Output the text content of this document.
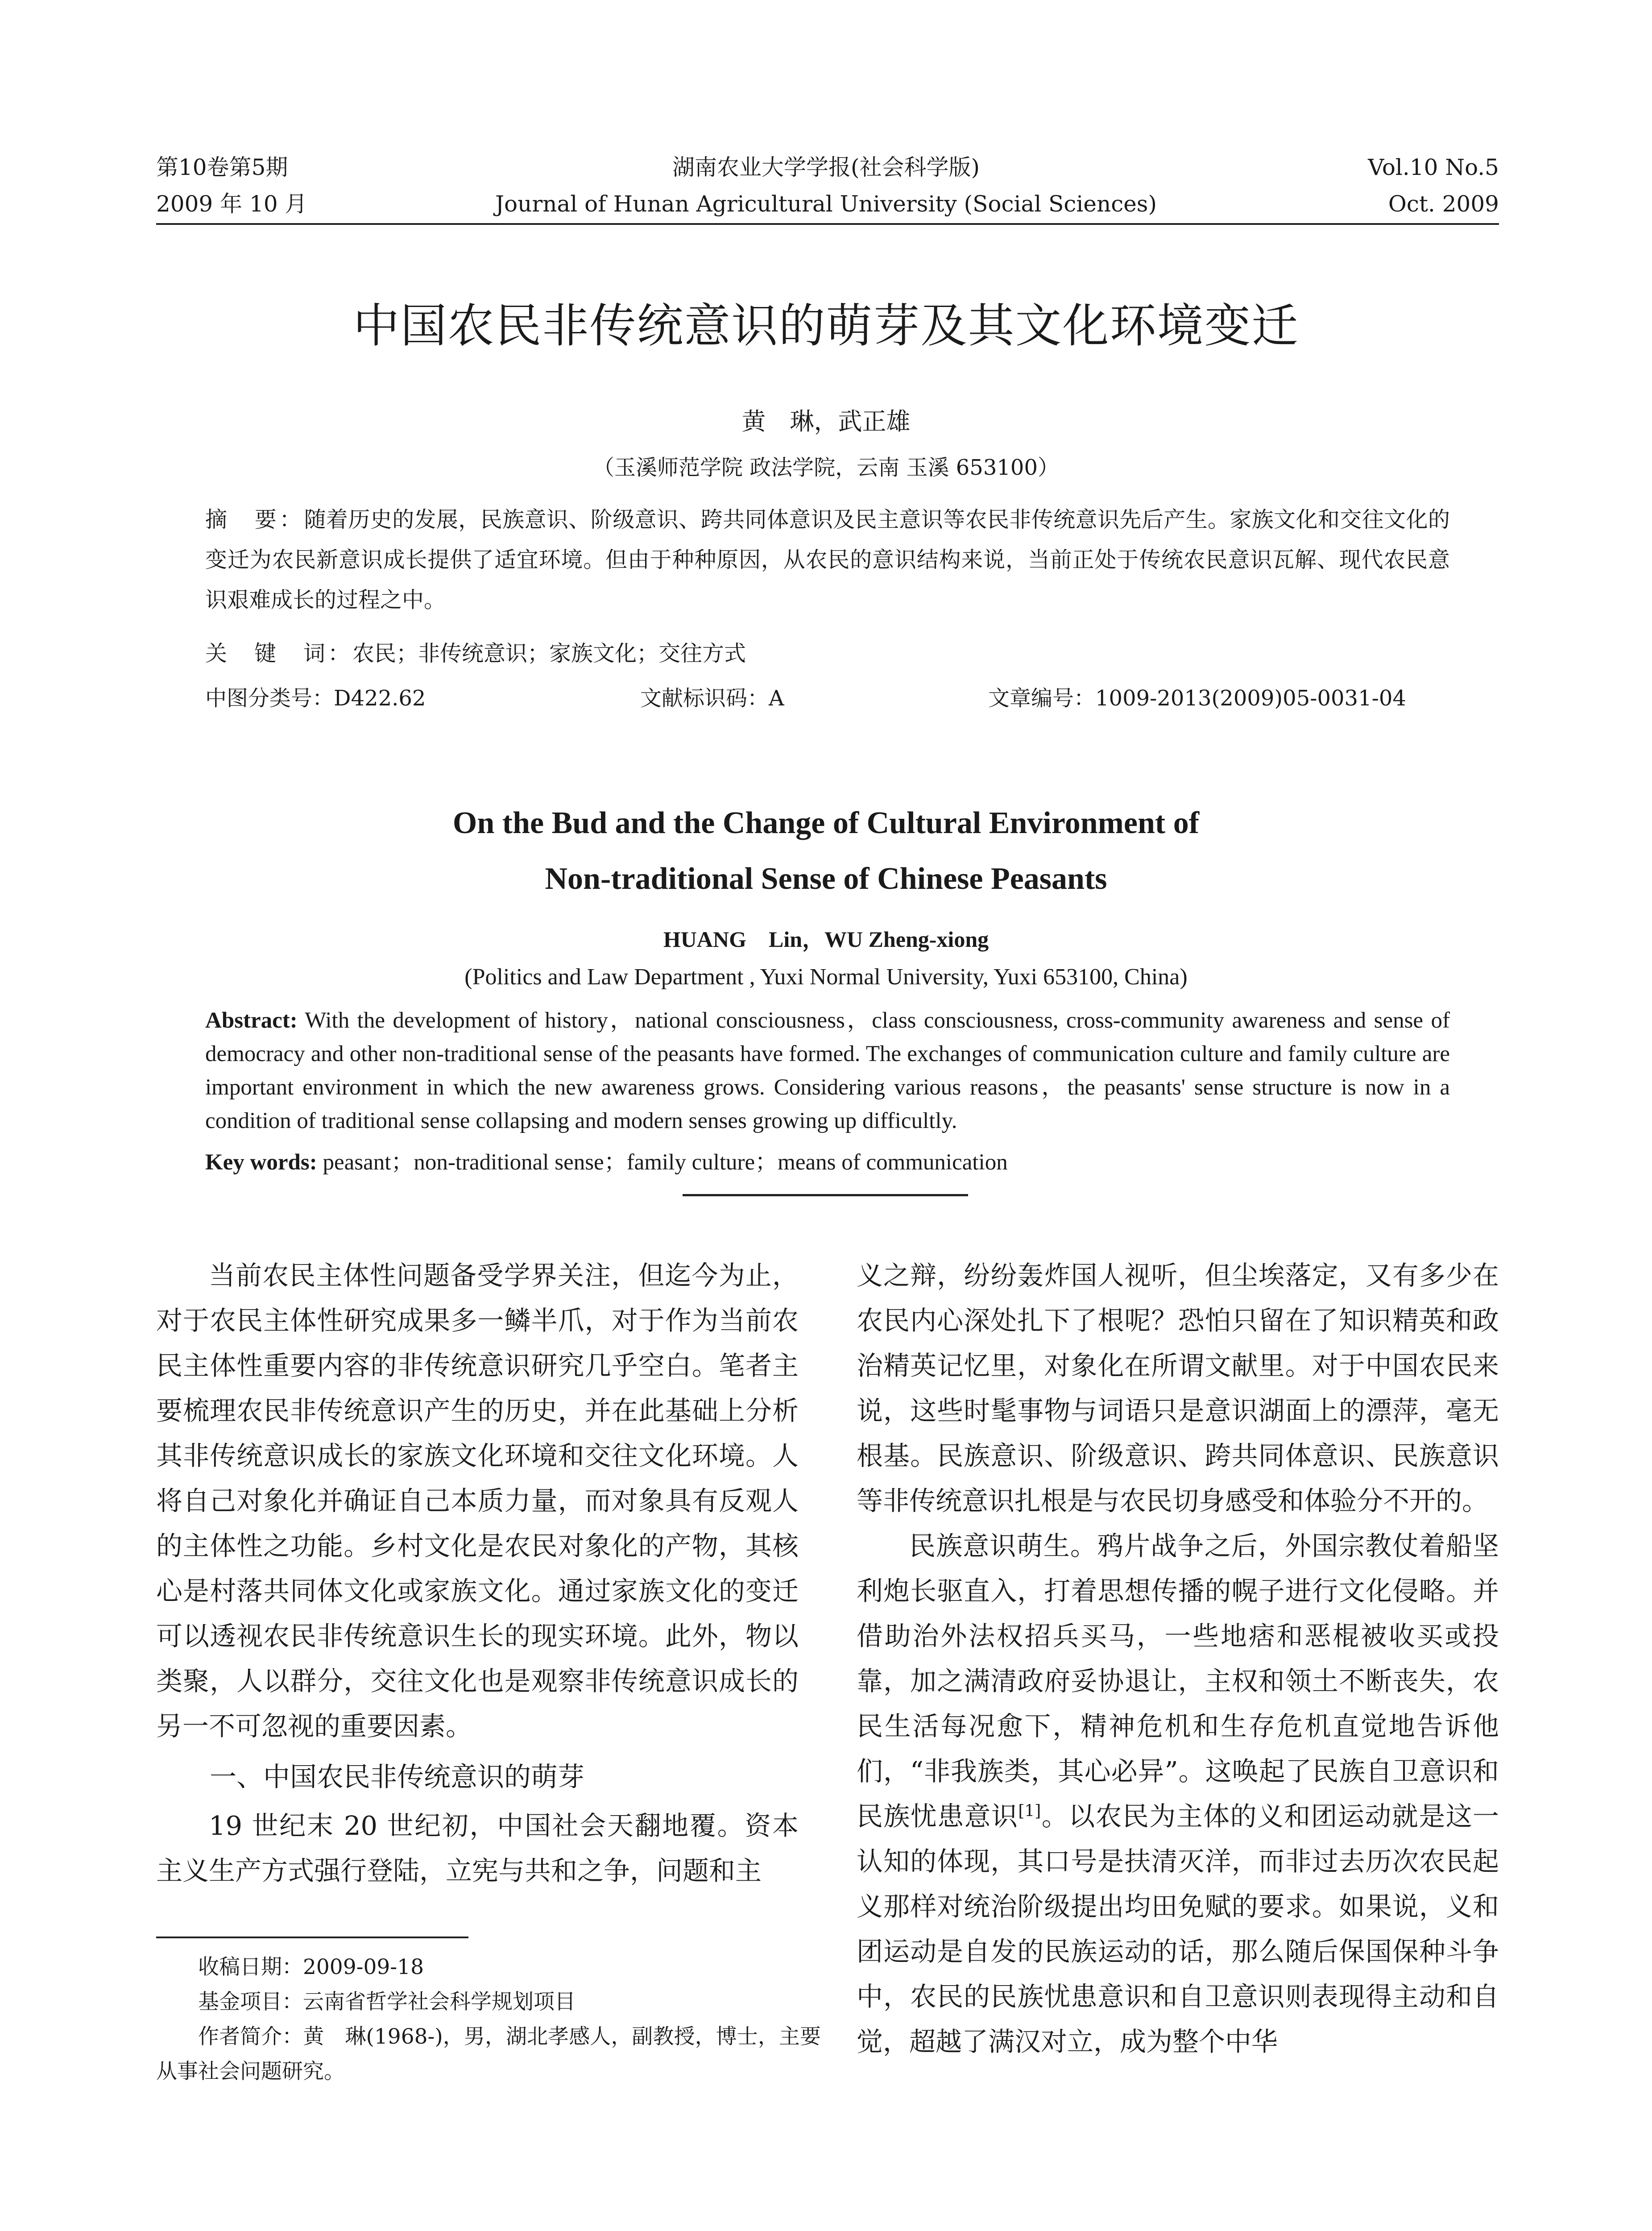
第10卷第5期	湖南农业大学学报(社会科学版)	Vol.10 No.5
2009 年 10 月	Journal of Hunan Agricultural University (Social Sciences)	Oct. 2009
中国农民非传统意识的萌芽及其文化环境变迁
黄　琳，武正雄
（玉溪师范学院 政法学院，云南 玉溪 653100）
摘　要：随着历史的发展，民族意识、阶级意识、跨共同体意识及民主意识等农民非传统意识先后产生。家族文化和交往文化的变迁为农民新意识成长提供了适宜环境。但由于种种原因，从农民的意识结构来说，当前正处于传统农民意识瓦解、现代农民意识艰难成长的过程之中。
关　键　词：农民；非传统意识；家族文化；交往方式
中图分类号：D422.62	文献标识码：A	文章编号：1009-2013(2009)05-0031-04
On the Bud and the Change of Cultural Environment of
Non-traditional Sense of Chinese Peasants
HUANG　Lin，WU Zheng-xiong
(Politics and Law Department , Yuxi Normal University, Yuxi 653100, China)
Abstract: With the development of history，national consciousness，class consciousness, cross-community awareness and sense of democracy and other non-traditional sense of the peasants have formed. The exchanges of communication culture and family culture are important environment in which the new awareness grows. Considering various reasons，the peasants' sense structure is now in a condition of traditional sense collapsing and modern senses growing up difficultly.
Key words: peasant；non-traditional sense；family culture；means of communication

当前农民主体性问题备受学界关注，但迄今为止，对于农民主体性研究成果多一鳞半爪，对于作为当前农民主体性重要内容的非传统意识研究几乎空白。笔者主要梳理农民非传统意识产生的历史，并在此基础上分析其非传统意识成长的家族文化环境和交往文化环境。人将自己对象化并确证自己本质力量，而对象具有反观人的主体性之功能。乡村文化是农民对象化的产物，其核心是村落共同体文化或家族文化。通过家族文化的变迁可以透视农民非传统意识生长的现实环境。此外，物以类聚，人以群分，交往文化也是观察非传统意识成长的另一不可忽视的重要因素。

一、中国农民非传统意识的萌芽

19 世纪末 20 世纪初，中国社会天翻地覆。资本主义生产方式强行登陆，立宪与共和之争，问题和主

义之辩，纷纷轰炸国人视听，但尘埃落定，又有多少在农民内心深处扎下了根呢？恐怕只留在了知识精英和政治精英记忆里，对象化在所谓文献里。对于中国农民来说，这些时髦事物与词语只是意识湖面上的漂萍，毫无根基。民族意识、阶级意识、跨共同体意识、民族意识等非传统意识扎根是与农民切身感受和体验分不开的。

民族意识萌生。鸦片战争之后，外国宗教仗着船坚利炮长驱直入，打着思想传播的幌子进行文化侵略。并借助治外法权招兵买马，一些地痞和恶棍被收买或投靠，加之满清政府妥协退让，主权和领土不断丧失，农民生活每况愈下，精神危机和生存危机直觉地告诉他们，“非我族类，其心必异”。这唤起了民族自卫意识和民族忧患意识[1]。以农民为主体的义和团运动就是这一认知的体现，其口号是扶清灭洋，而非过去历次农民起义那样对统治阶级提出均田免赋的要求。如果说，义和团运动是自发的民族运动的话，那么随后保国保种斗争中，农民的民族忧患意识和自卫意识则表现得主动和自觉，超越了满汉对立，成为整个中华

收稿日期：2009-09-18

基金项目：云南省哲学社会科学规划项目

作者简介：黄　琳(1968-)，男，湖北孝感人，副教授，博士，主要从事社会问题研究。
